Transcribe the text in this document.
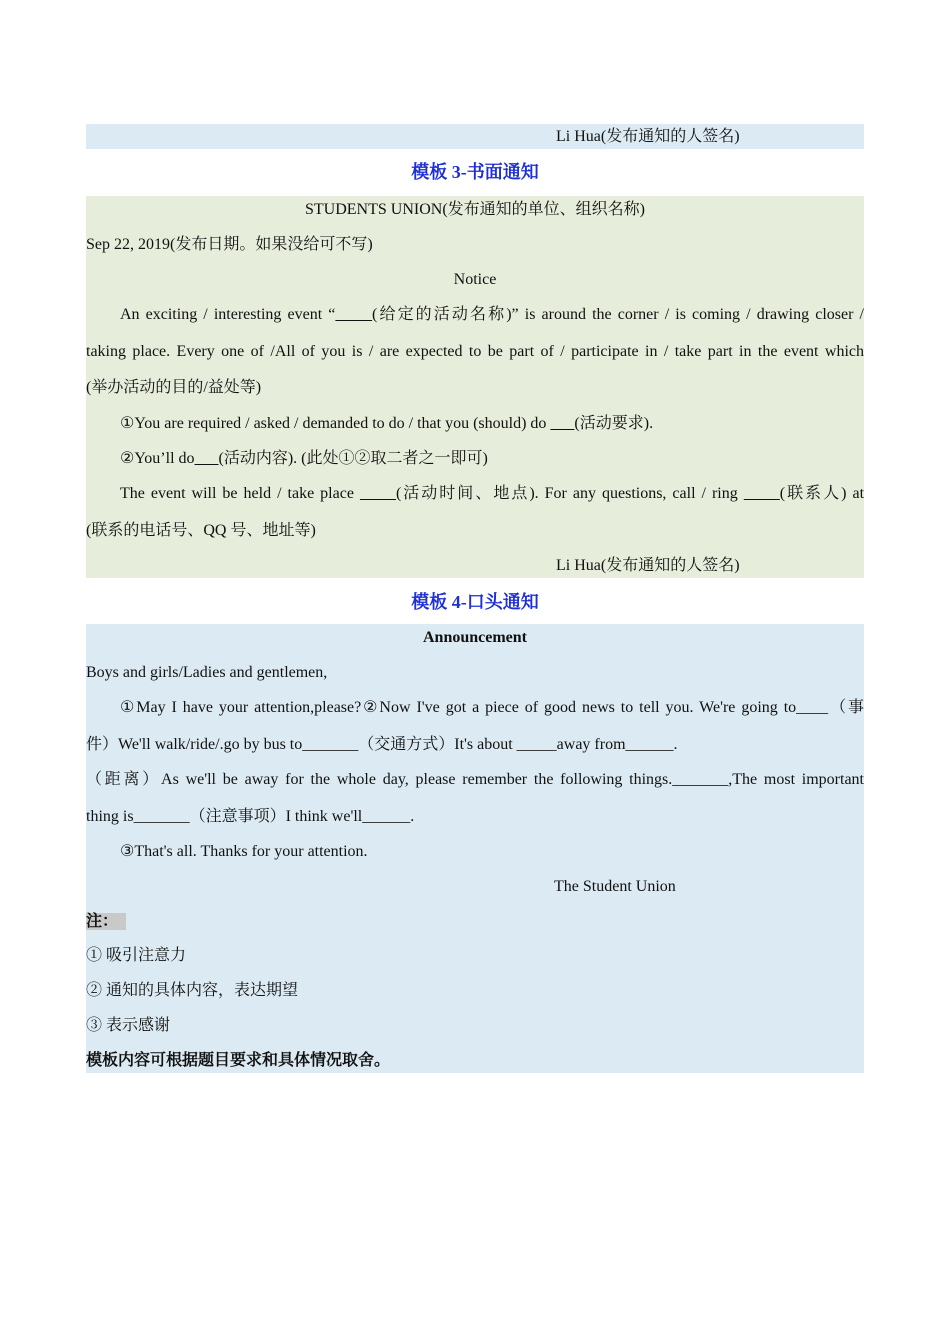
Li Hua(发布通知的人签名)
模板 3-书面通知
STUDENTS UNION(发布通知的单位、组织名称)
Sep 22, 2019(发布日期。如果没给可不写)
Notice
An exciting / interesting event “ (给定的活动名称)” is around the corner / is coming / drawing closer /
taking place. Every one of /All of you is / are expected to be part of / participate in / take part in the event which
(举办活动的目的/益处等)
①You are required / asked / demanded to do / that you (should) do       (活动要求).
②You’ll do (活动内容). (此处①②取二者之一即可)
The event will be held / take place       (活动时间、地点). For any questions, call / ring       (联系人) at
(联系的电话号、QQ 号、地址等)
Li Hua(发布通知的人签名)
模板 4-口头通知
Announcement
Boys and girls/Ladies and gentlemen,
①May I have your attention,please?②Now I've got a piece of good news to tell you. We're going to____（事
件）We'll walk/ride/.go by bus to_______（交通方式）It's about _____away from______.
（距离）As we'll be away for the whole day, please remember the following things._______,The most important
thing is_______（注意事项）I think we'll______.
③That's all. Thanks for your attention.
The Student Union
注：
① 吸引注意力
② 通知的具体内容，表达期望
③ 表示感谢
模板内容可根据题目要求和具体情况取舍。
